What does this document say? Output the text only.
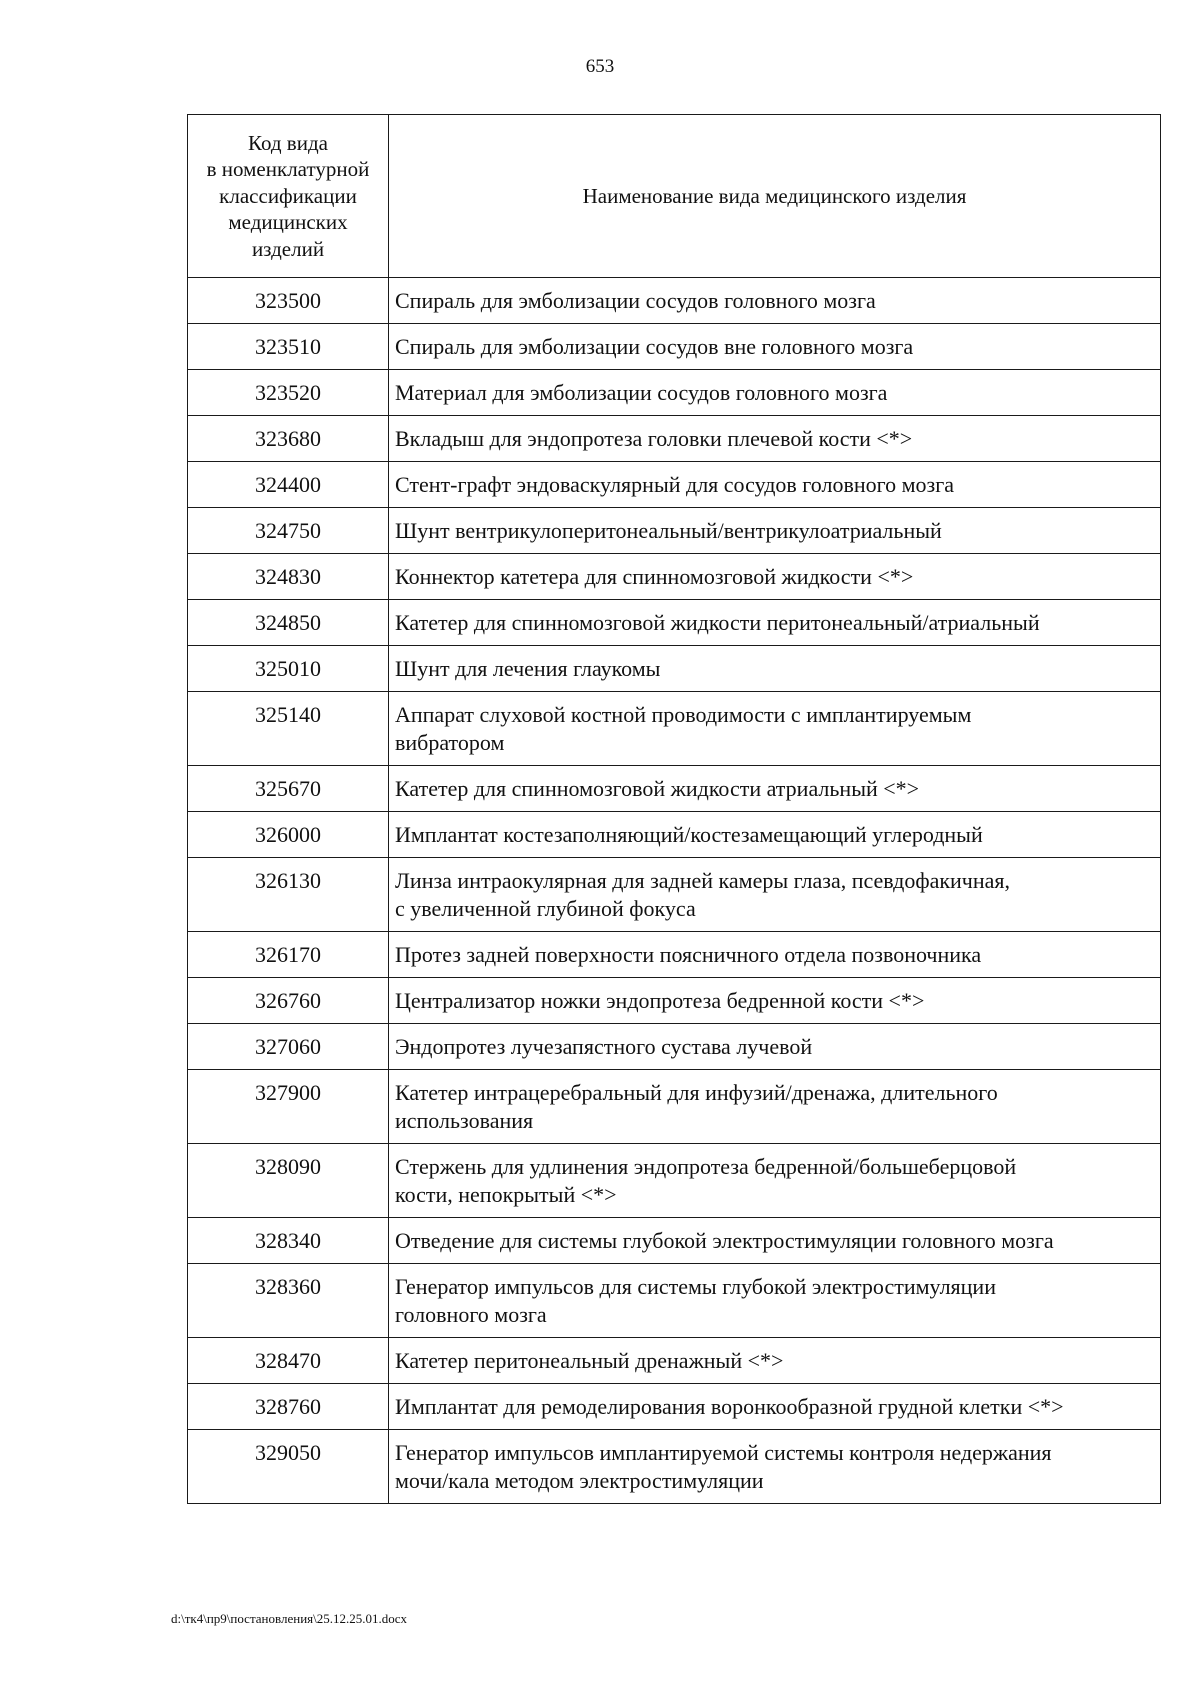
653
Код вида
в номенклатурной
классификации
медицинских
изделий	Наименование вида медицинского изделия
323500	Спираль для эмболизации сосудов головного мозга
323510	Спираль для эмболизации сосудов вне головного мозга
323520	Материал для эмболизации сосудов головного мозга
323680	Вкладыш для эндопротеза головки плечевой кости <*>
324400	Стент-графт эндоваскулярный для сосудов головного мозга
324750	Шунт вентрикулоперитонеальный/вентрикулоатриальный
324830	Коннектор катетера для спинномозговой жидкости <*>
324850	Катетер для спинномозговой жидкости перитонеальный/атриальный
325010	Шунт для лечения глаукомы
325140	Аппарат слуховой костной проводимости с имплантируемым
вибратором

325670	Катетер для спинномозговой жидкости атриальный <*>
326000	Имплантат костезаполняющий/костезамещающий углеродный
326130	Линза интраокулярная для задней камеры глаза, псевдофакичная,
с увеличенной глубиной фокуса

326170	Протез задней поверхности поясничного отдела позвоночника
326760	Централизатор ножки эндопротеза бедренной кости <*>
327060	Эндопротез лучезапястного сустава лучевой
327900	Катетер интрацеребральный для инфузий/дренажа, длительного
использования

328090	Стержень для удлинения эндопротеза бедренной/большеберцовой
кости, непокрытый <*>

328340	Отведение для системы глубокой электростимуляции головного мозга
328360	Генератор импульсов для системы глубокой электростимуляции
головного мозга

328470	Катетер перитонеальный дренажный <*>
328760	Имплантат для ремоделирования воронкообразной грудной клетки <*>
329050	Генератор импульсов имплантируемой системы контроля недержания
мочи/кала методом электростимуляции
d:\тк4\пр9\постановления\25.12.25.01.docx
